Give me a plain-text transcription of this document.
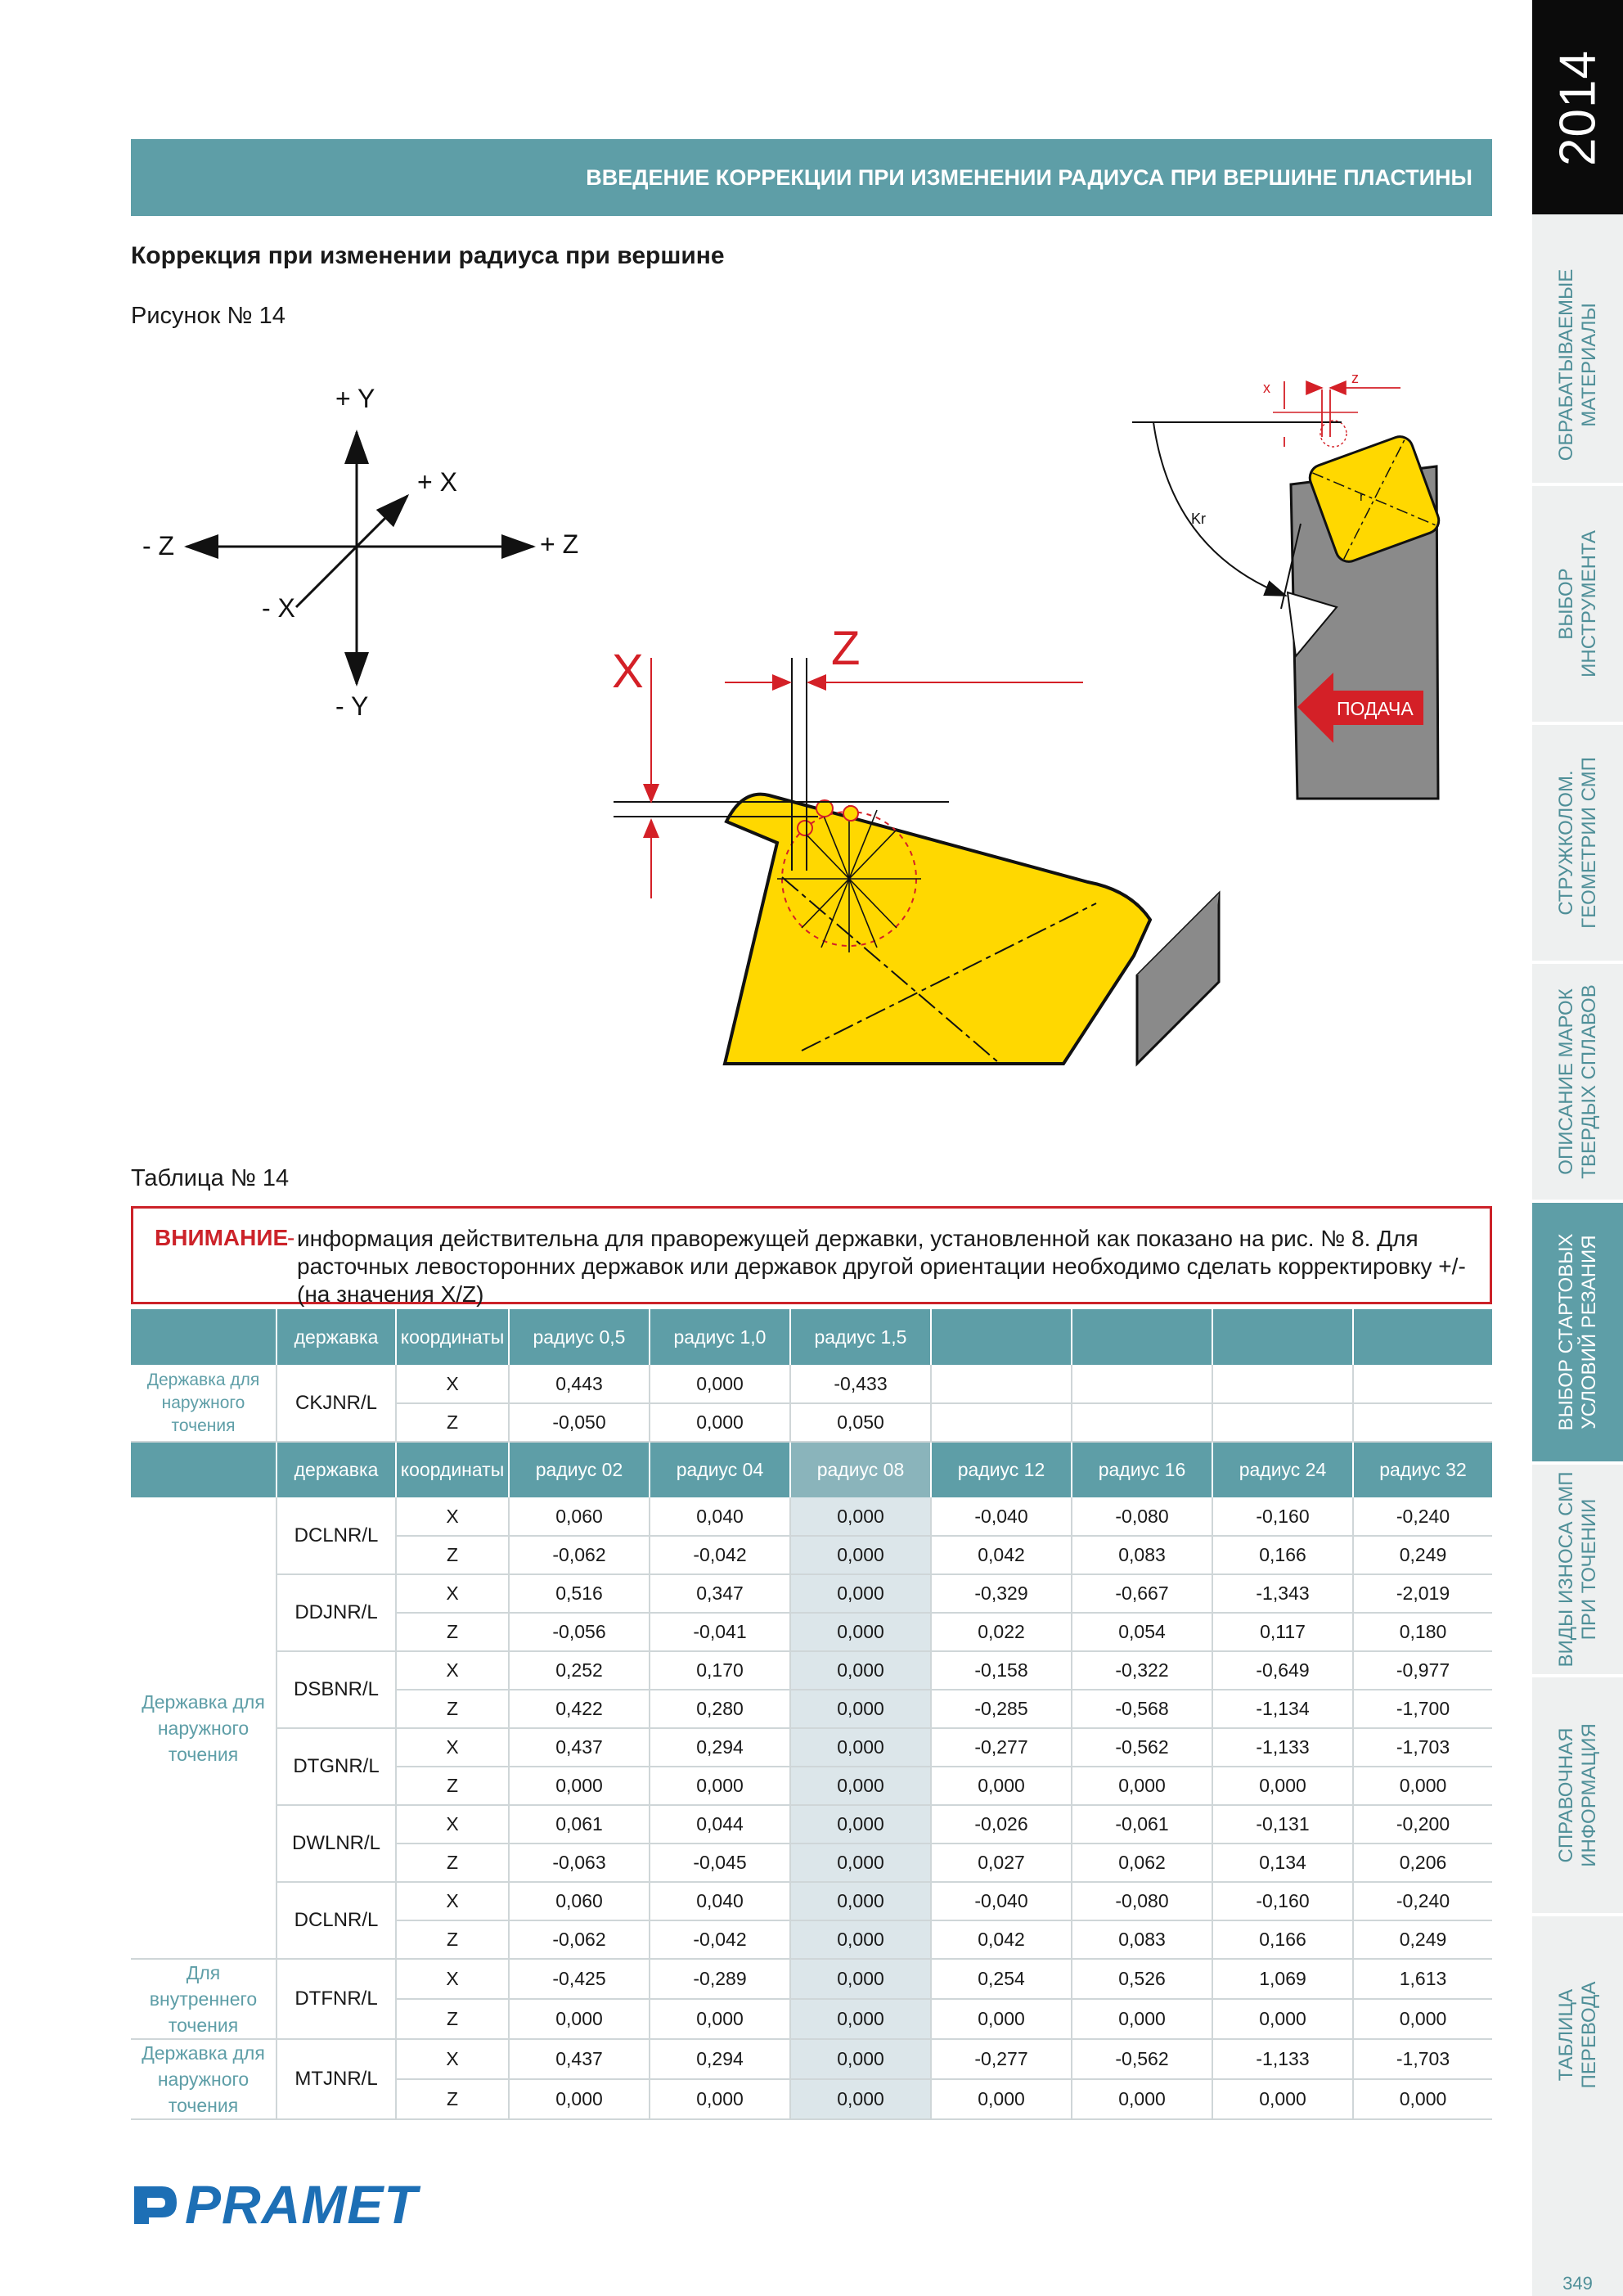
2014
ОБРАБАТЫВАЕМЫЕ
МАТЕРИАЛЫ
ВЫБОР
ИНСТРУМЕНТА
СТРУЖКОЛОМ.
ГЕОМЕТРИИ СМП
ОПИСАНИЕ МАРОК
ТВЕРДЫХ СПЛАВОВ
ВЫБОР СТАРТОВЫХ
УСЛОВИЙ РЕЗАНИЯ
ВИДЫ ИЗНОСА СМП
ПРИ ТОЧЕНИИ
СПРАВОЧНАЯ
ИНФОРМАЦИЯ
ТАБЛИЦА
ПЕРЕВОДА
349
ВВЕДЕНИЕ КОРРЕКЦИИ ПРИ ИЗМЕНЕНИИ РАДИУСА ПРИ ВЕРШИНЕ ПЛАСТИНЫ
Коррекция при изменении радиуса при вершине
Рисунок № 14
+ Y
+ X
- Z	+ Z
- X
- Y
X	Z
r
x
z
Kr
ПОДАЧА
Таблица № 14
ВНИМАНИЕ
- информация действительна для праворежущей державки, установленной как показано на рис. № 8. Для расточных левосторонних державок или державок другой ориентации необходимо сделать корректировку +/- (на значения X/Z)
	державка	координаты	радиус 0,5	радиус 1,0	радиус 1,5				
Державка для
наружного
точения	CKJNR/L	X	0,443	0,000	-0,433				
		Z	-0,050	0,000	0,050				
	державка	координаты	радиус 02	радиус 04	радиус 08	радиус 12	радиус 16	радиус 24	радиус 32
Державка для
наружного
точения	DCLNR/L	X	0,060	0,040	0,000	-0,040	-0,080	-0,160	-0,240
		Z	-0,062	-0,042	0,000	0,042	0,083	0,166	0,249
	DDJNR/L	X	0,516	0,347	0,000	-0,329	-0,667	-1,343	-2,019
		Z	-0,056	-0,041	0,000	0,022	0,054	0,117	0,180
	DSBNR/L	X	0,252	0,170	0,000	-0,158	-0,322	-0,649	-0,977
		Z	0,422	0,280	0,000	-0,285	-0,568	-1,134	-1,700
	DTGNR/L	X	0,437	0,294	0,000	-0,277	-0,562	-1,133	-1,703
		Z	0,000	0,000	0,000	0,000	0,000	0,000	0,000
	DWLNR/L	X	0,061	0,044	0,000	-0,026	-0,061	-0,131	-0,200
		Z	-0,063	-0,045	0,000	0,027	0,062	0,134	0,206
	DCLNR/L	X	0,060	0,040	0,000	-0,040	-0,080	-0,160	-0,240
		Z	-0,062	-0,042	0,000	0,042	0,083	0,166	0,249
Для
внутреннего
точения	DTFNR/L	X	-0,425	-0,289	0,000	0,254	0,526	1,069	1,613
		Z	0,000	0,000	0,000	0,000	0,000	0,000	0,000
Державка для
наружного
точения	MTJNR/L	X	0,437	0,294	0,000	-0,277	-0,562	-1,133	-1,703
		Z	0,000	0,000	0,000	0,000	0,000	0,000	0,000
PRAMET
